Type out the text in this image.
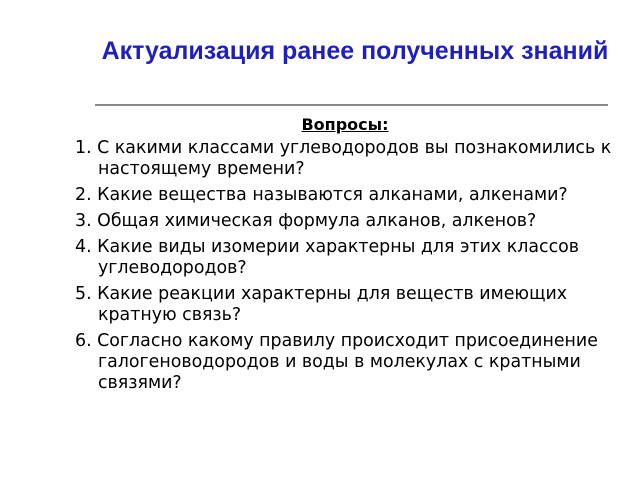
Актуализация ранее полученных знаний
Вопросы:
1. С какими классами углеводородов вы познакомились к настоящему времени?
2. Какие вещества называются алканами, алкенами?
3. Общая химическая формула алканов, алкенов?
4. Какие виды изомерии характерны для этих классов углеводородов?
5. Какие реакции характерны для веществ имеющих кратную связь?
6. Согласно какому правилу происходит присоединение галогеноводородов и воды в молекулах с кратными связями?
